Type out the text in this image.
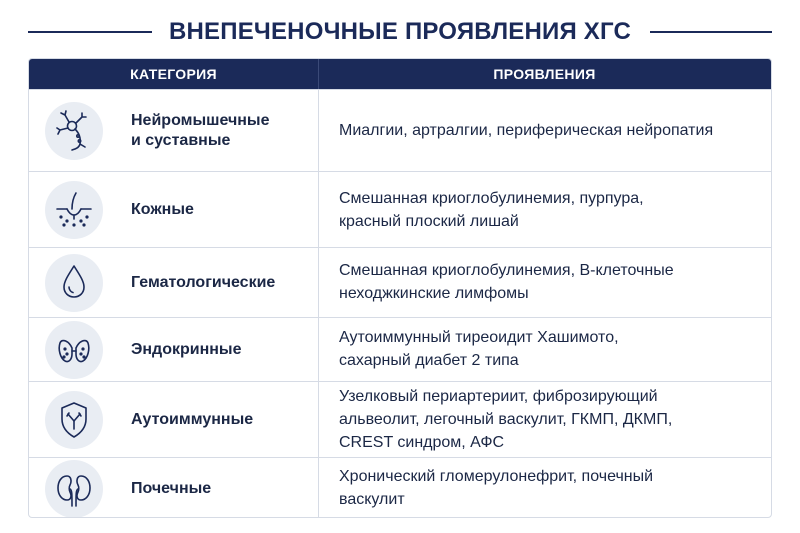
ВНЕПЕЧЕНОЧНЫЕ ПРОЯВЛЕНИЯ ХГС
КАТЕГОРИЯ	ПРОЯВЛЕНИЯ
Нейромышечные
и суставные
Миалгии, артралгии, периферическая нейропатия
Кожные
Смешанная криоглобулинемия, пурпура,
красный плоский лишай
Гематологические
Смешанная криоглобулинемия, В-клеточные
неходжкинские лимфомы
Эндокринные
Аутоиммунный тиреоидит Хашимото,
сахарный диабет 2 типа
Аутоиммунные
Узелковый периартериит, фиброзирующий
альвеолит, легочный васкулит, ГКМП, ДКМП,
CREST синдром, АФС
Почечные
Хронический гломерулонефрит, почечный
васкулит
